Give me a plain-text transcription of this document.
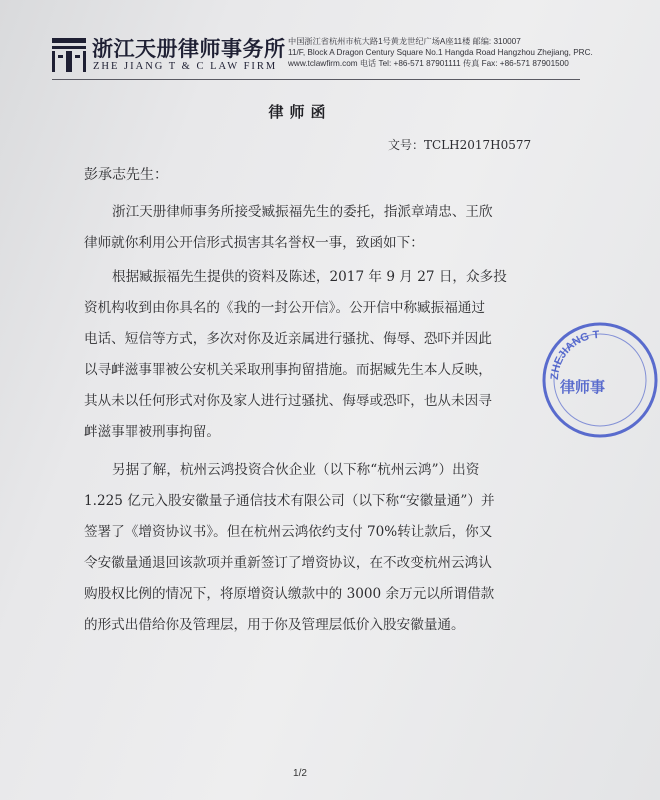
浙江天册律师事务所
ZHE JIANG T & C LAW FIRM
中国浙江省杭州市杭大路1号黄龙世纪广场A座11楼 邮编: 310007
11/F, Block A Dragon Century Square No.1 Hangda Road Hangzhou Zhejiang, PRC.
www.tclawfirm.com 电话 Tel: +86-571 87901111 传真 Fax: +86-571 87901500
律师函
文号：TCLH2017H0577
彭承志先生：
浙江天册律师事务所接受臧振福先生的委托，指派章靖忠、王欣
律师就你利用公开信形式损害其名誉权一事，致函如下：
根据臧振福先生提供的资料及陈述，2017 年 9 月 27 日，众多投
资机构收到由你具名的《我的一封公开信》。公开信中称臧振福通过
电话、短信等方式，多次对你及近亲属进行骚扰、侮辱、恐吓并因此
以寻衅滋事罪被公安机关采取刑事拘留措施。而据臧先生本人反映，
其从未以任何形式对你及家人进行过骚扰、侮辱或恐吓，也从未因寻
衅滋事罪被刑事拘留。
另据了解，杭州云鸿投资合伙企业（以下称“杭州云鸿”）出资
1.225 亿元入股安徽量子通信技术有限公司（以下称“安徽量通”）并
签署了《增资协议书》。但在杭州云鸿依约支付 70%转让款后，你又
令安徽量通退回该款项并重新签订了增资协议，在不改变杭州云鸿认
购股权比例的情况下，将原增资认缴款中的 3000 余万元以所谓借款
的形式出借给你及管理层，用于你及管理层低价入股安徽量通。
ZHEJIANG T
律师事
1/2
